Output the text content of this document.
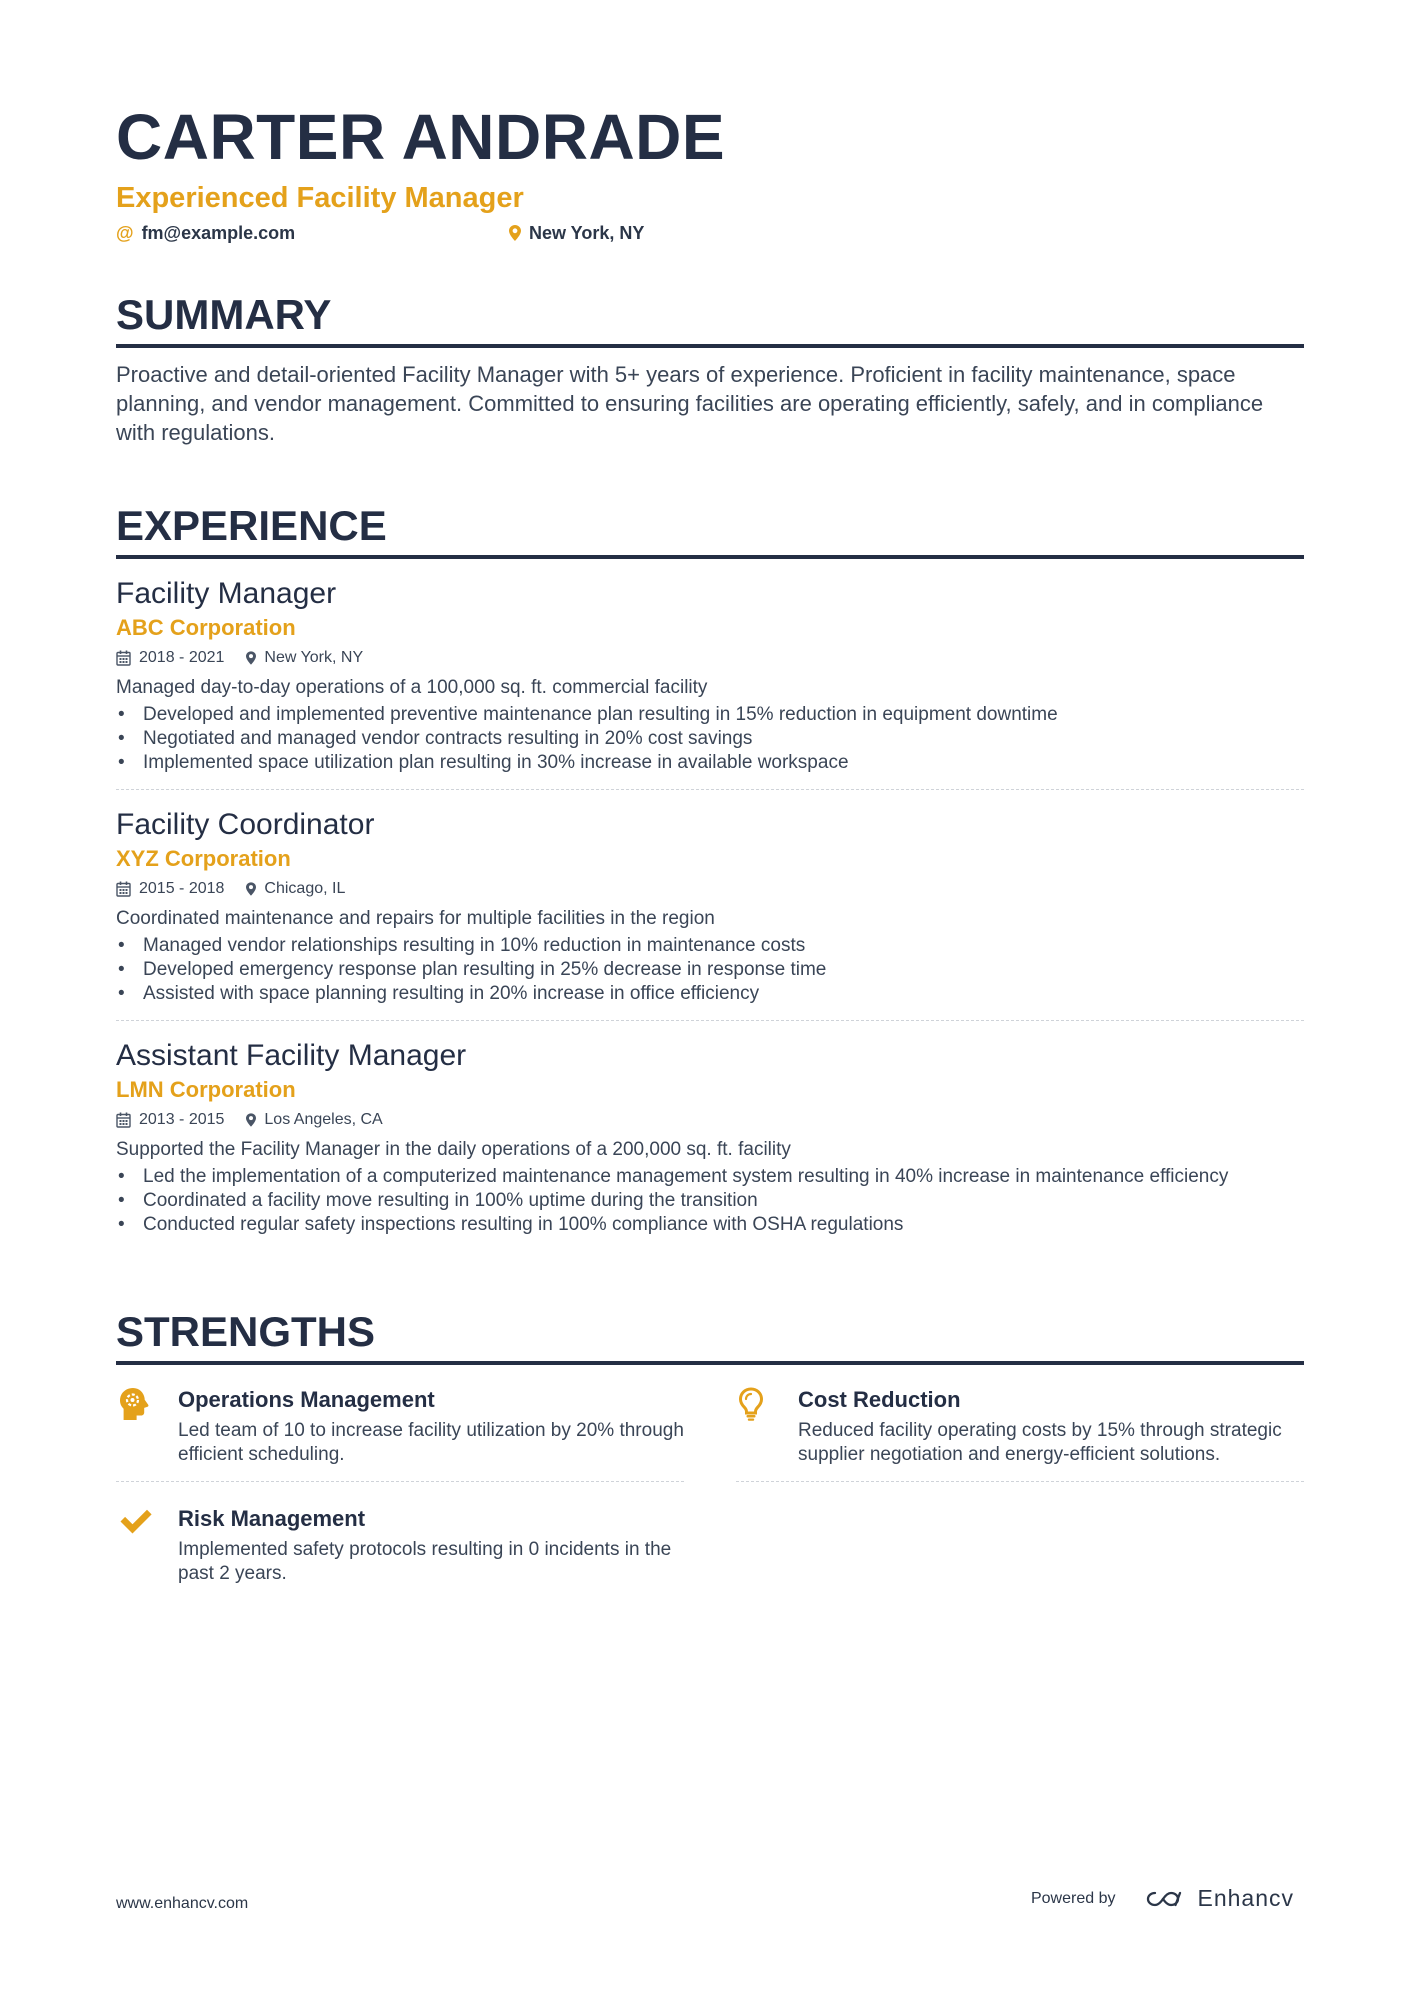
CARTER ANDRADE
Experienced Facility Manager
@ fm@example.com	New York, NY
SUMMARY
Proactive and detail-oriented Facility Manager with 5+ years of experience. Proficient in facility maintenance, space planning, and vendor management. Committed to ensuring facilities are operating efficiently, safely, and in compliance with regulations.
EXPERIENCE
Facility Manager
ABC Corporation
2018 - 2021	New York, NY
Managed day-to-day operations of a 100,000 sq. ft. commercial facility
• Developed and implemented preventive maintenance plan resulting in 15% reduction in equipment downtime
• Negotiated and managed vendor contracts resulting in 20% cost savings
• Implemented space utilization plan resulting in 30% increase in available workspace
Facility Coordinator
XYZ Corporation
2015 - 2018	Chicago, IL
Coordinated maintenance and repairs for multiple facilities in the region
• Managed vendor relationships resulting in 10% reduction in maintenance costs
• Developed emergency response plan resulting in 25% decrease in response time
• Assisted with space planning resulting in 20% increase in office efficiency
Assistant Facility Manager
LMN Corporation
2013 - 2015	Los Angeles, CA
Supported the Facility Manager in the daily operations of a 200,000 sq. ft. facility
• Led the implementation of a computerized maintenance management system resulting in 40% increase in maintenance efficiency
• Coordinated a facility move resulting in 100% uptime during the transition
• Conducted regular safety inspections resulting in 100% compliance with OSHA regulations
STRENGTHS
Operations Management
Led team of 10 to increase facility utilization by 20% through efficient scheduling.
Cost Reduction
Reduced facility operating costs by 15% through strategic supplier negotiation and energy-efficient solutions.
Risk Management
Implemented safety protocols resulting in 0 incidents in the past 2 years.
www.enhancv.com	Powered by	Enhancv
